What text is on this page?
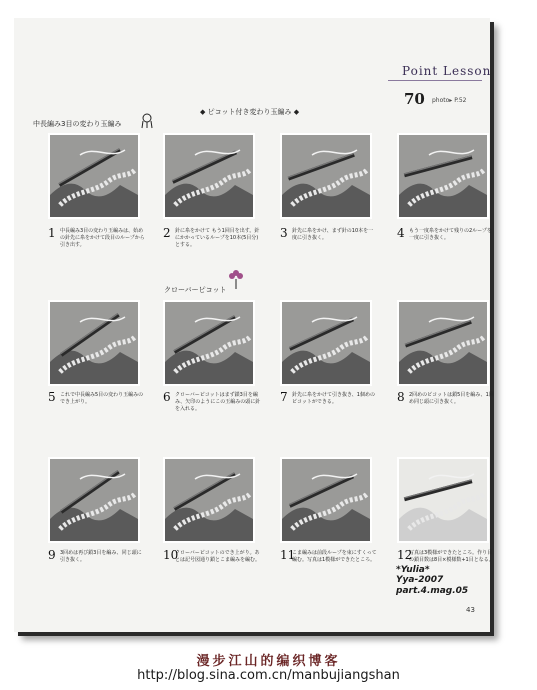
Point Lesson
70 photo▸ P.52
◆ ピコット付き変わり玉編み ◆
中長編み3目の変わり玉編み
クローバーピコット
1 中長編み3目の変わり玉編みは、始めの針先に糸をかけて段目のループから引き出す。
2 針に糸をかけて もう1回目を出す。針にかかっているループを10本(5目分)とする。
3 針先に糸をかけ、まず針の10本を一度に引き抜く。	4 もう一度糸をかけて残りの2ループを一度に引き抜く。
5 これで中長編み5目の変わり玉編みのでき上がり。	6 クローバーピコットはまず鎖3目を編み、矢印のようにこの玉編みの頭に針を入れる。
7 針先に糸をかけて引き抜き、1個めのピコットができる。	8 2回めのピコットは鎖5目を編み、1回め同じ頭に引き抜く。
9 3回めは再び鎖3目を編み、同じ頭に引き抜く。	10
クローバーピコットのでき上がり。あとは記号図通り鎖とこま編みを編む。 11
こま編みは前段ループを束にすくって編む。写真は1模様ができたところ。 12
写真は3模様ができたところ。作り目の鎖目数は8目×模様数+1目となる。
*Yulia*
Yya-2007
part.4.mag.05
43
漫步江山的编织博客
http://blog.sina.com.cn/manbujiangshan
